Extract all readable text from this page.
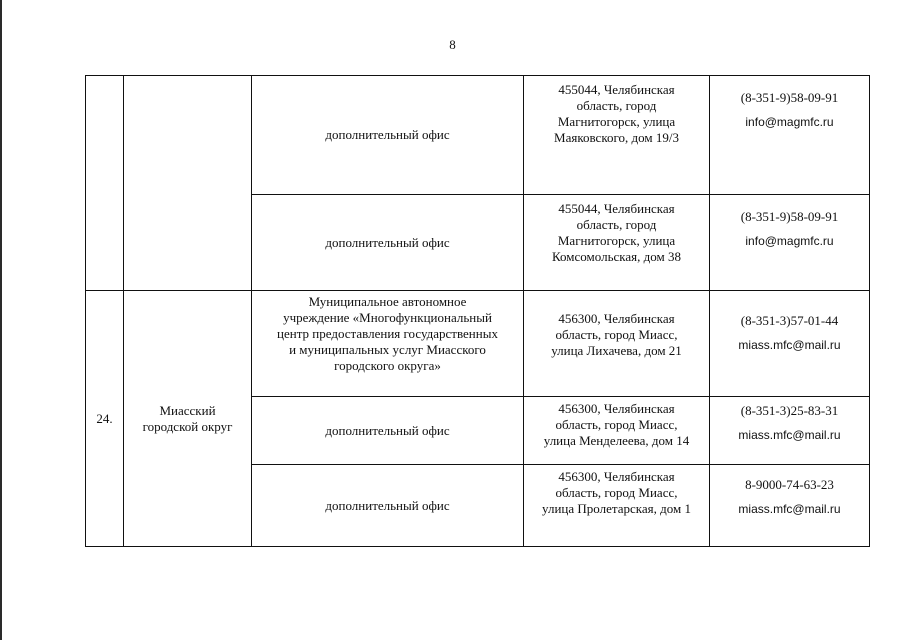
8
		дополнительный офис	455044, Челябинская
область, город
Магнитогорск, улица
Маяковского, дом 19/3	(8-351-9)58-09-91
info@magmfc.ru

		дополнительный офис	455044, Челябинская
область, город
Магнитогорск, улица
Комсомольская, дом 38	(8-351-9)58-09-91
info@magmfc.ru

24.	Миасский
городской округ	Муниципальное автономное
учреждение «Многофункциональный
центр предоставления государственных
и муниципальных услуг Миасского
городского округа»	456300, Челябинская
область, город Миасс,
улица Лихачева, дом 21	(8-351-3)57-01-44
miass.mfc@mail.ru

		дополнительный офис	456300, Челябинская
область, город Миасс,
улица Менделеева, дом 14	(8-351-3)25-83-31
miass.mfc@mail.ru

		дополнительный офис	456300, Челябинская
область, город Миасс,
улица Пролетарская, дом 1	8-9000-74-63-23
miass.mfc@mail.ru
